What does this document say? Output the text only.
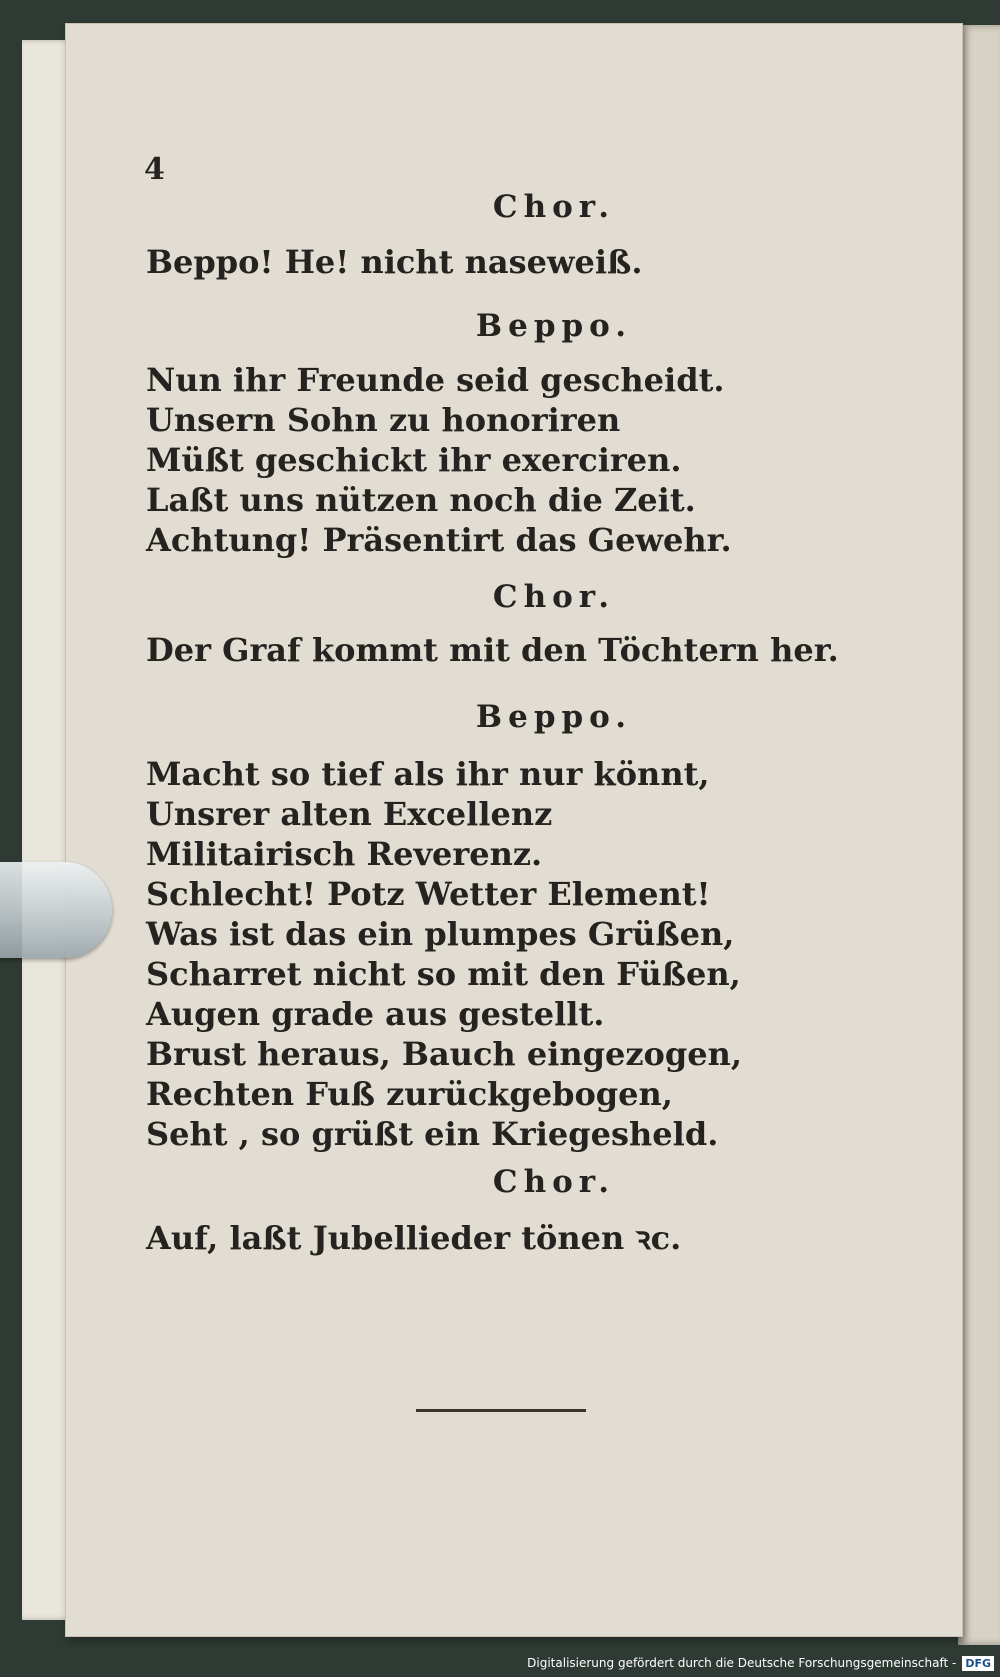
4
Chor.
Beppo! He! nicht naseweiß.
Beppo.
Nun ihr Freunde seid gescheidt.
Unsern Sohn zu honoriren
Müßt geschickt ihr exerciren.
Laßt uns nützen noch die Zeit.
Achtung! Präsentirt das Gewehr.
Chor.
Der Graf kommt mit den Töchtern her.
Beppo.
Macht so tief als ihr nur könnt,
Unsrer alten Excellenz
Militairisch Reverenz.
Schlecht! Potz Wetter Element!
Was ist das ein plumpes Grüßen,
Scharret nicht so mit den Füßen,
Augen grade aus gestellt.
Brust heraus, Bauch eingezogen,
Rechten Fuß zurückgebogen,
Seht , so grüßt ein Kriegesheld.
Chor.
Auf, laßt Jubellieder tönen ꝛc.
Digitalisierung gefördert durch die Deutsche Forschungsgemeinschaft - DFG
